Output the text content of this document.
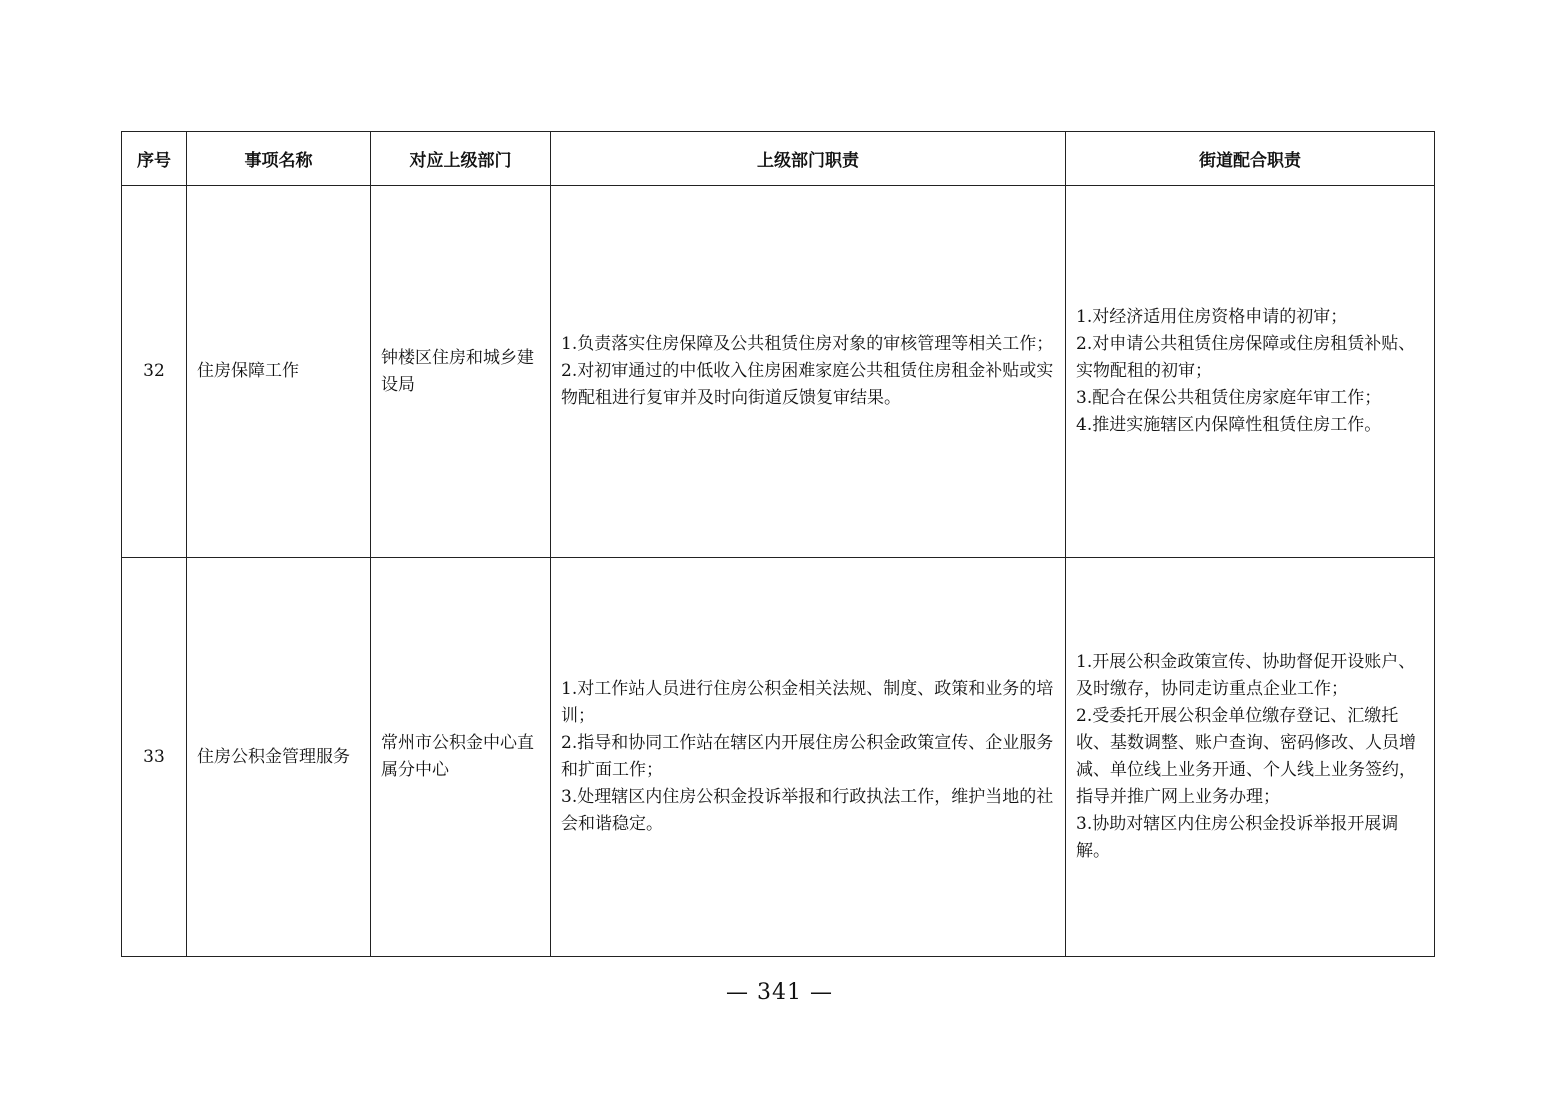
序号	事项名称	对应上级部门	上级部门职责	街道配合职责
32	住房保障工作	钟楼区住房和城乡建设局	1.负责落实住房保障及公共租赁住房对象的审核管理等相关工作；
2.对初审通过的中低收入住房困难家庭公共租赁住房租金补贴或实物配租进行复审并及时向街道反馈复审结果。	1.对经济适用住房资格申请的初审；
2.对申请公共租赁住房保障或住房租赁补贴、实物配租的初审；
3.配合在保公共租赁住房家庭年审工作；
4.推进实施辖区内保障性租赁住房工作。

33	住房公积金管理服务	常州市公积金中心直属分中心	1.对工作站人员进行住房公积金相关法规、制度、政策和业务的培训；
2.指导和协同工作站在辖区内开展住房公积金政策宣传、企业服务和扩面工作；
3.处理辖区内住房公积金投诉举报和行政执法工作，维护当地的社会和谐稳定。	1.开展公积金政策宣传、协助督促开设账户、及时缴存，协同走访重点企业工作；
2.受委托开展公积金单位缴存登记、汇缴托收、基数调整、账户查询、密码修改、人员增减、单位线上业务开通、个人线上业务签约，指导并推广网上业务办理；
3.协助对辖区内住房公积金投诉举报开展调解。
— 341 —
